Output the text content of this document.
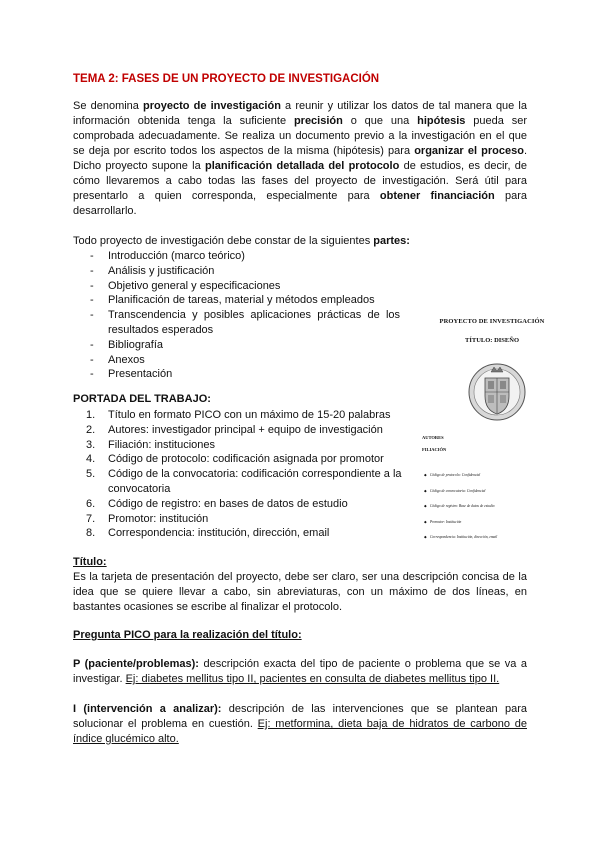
TEMA 2: FASES DE UN PROYECTO DE INVESTIGACIÓN
Se denomina proyecto de investigación a reunir y utilizar los datos de tal manera que la información obtenida tenga la suficiente precisión o que una hipótesis pueda ser comprobada adecuadamente. Se realiza un documento previo a la investigación en el que se deja por escrito todos los aspectos de la misma (hipótesis) para organizar el proceso. Dicho proyecto supone la planificación detallada del protocolo de estudios, es decir, de cómo llevaremos a cabo todas las fases del proyecto de investigación. Será útil para presentarlo a quien corresponda, especialmente para obtener financiación para desarrollarlo.
Todo proyecto de investigación debe constar de la siguientes partes:
- Introducción (marco teórico)
- Análisis y justificación
- Objetivo general y especificaciones
- Planificación de tareas, material y métodos empleados
- Transcendencia y posibles aplicaciones prácticas de los resultados esperados
- Bibliografía
- Anexos
- Presentación
PORTADA DEL TRABAJO:
1. Título en formato PICO con un máximo de 15-20 palabras
2. Autores: investigador principal + equipo de investigación
3. Filiación: instituciones
4. Código de protocolo: codificación asignada por promotor
5. Código de la convocatoria: codificación correspondiente a la convocatoria
6. Código de registro: en bases de datos de estudio
7. Promotor: institución
8. Correspondencia: institución, dirección, email
Título:
Es la tarjeta de presentación del proyecto, debe ser claro, ser una descripción concisa de la idea que se quiere llevar a cabo, sin abreviaturas, con un máximo de dos líneas, en bastantes ocasiones se escribe al finalizar el protocolo.
Pregunta PICO para la realización del título:
P (paciente/problemas): descripción exacta del tipo de paciente o problema que se va a investigar. Ej: diabetes mellitus tipo II, pacientes en consulta de diabetes mellitus tipo II.
I (intervención a analizar): descripción de las intervenciones que se plantean para solucionar el problema en cuestión. Ej: metformina, dieta baja de hidratos de carbono de índice glucémico alto.
PROYECTO DE INVESTIGACIÓN
TÍTULO: DISEÑO
AUTORES
FILIACIÓN
◆ Código de protocolo: Confidencial
◆ Código de convocatoria: Confidencial
◆ Código de registro: Base de datos de estudio
◆ Promotor: Institución
◆ Correspondencia: Institución, dirección, email
